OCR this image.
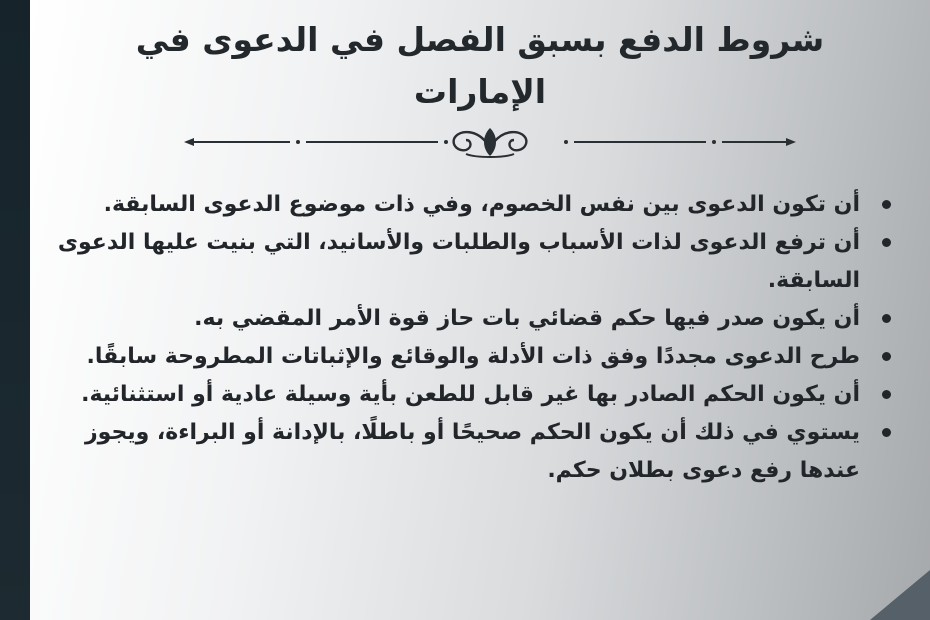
شروط الدفع بسبق الفصل في الدعوى في الإمارات
أن تكون الدعوى بين نفس الخصوم، وفي ذات موضوع الدعوى السابقة.
أن ترفع الدعوى لذات الأسباب والطلبات والأسانيد، التي بنيت عليها الدعوى السابقة.
أن يكون صدر فيها حكم قضائي بات حاز قوة الأمر المقضي به.
طرح الدعوى مجددًا وفق ذات الأدلة والوقائع والإثباتات المطروحة سابقًا.
أن يكون الحكم الصادر بها غير قابل للطعن بأية وسيلة عادية أو استثنائية.
يستوي في ذلك أن يكون الحكم صحيحًا أو باطلًا، بالإدانة أو البراءة، ويجوز عندها رفع دعوى بطلان حكم.
